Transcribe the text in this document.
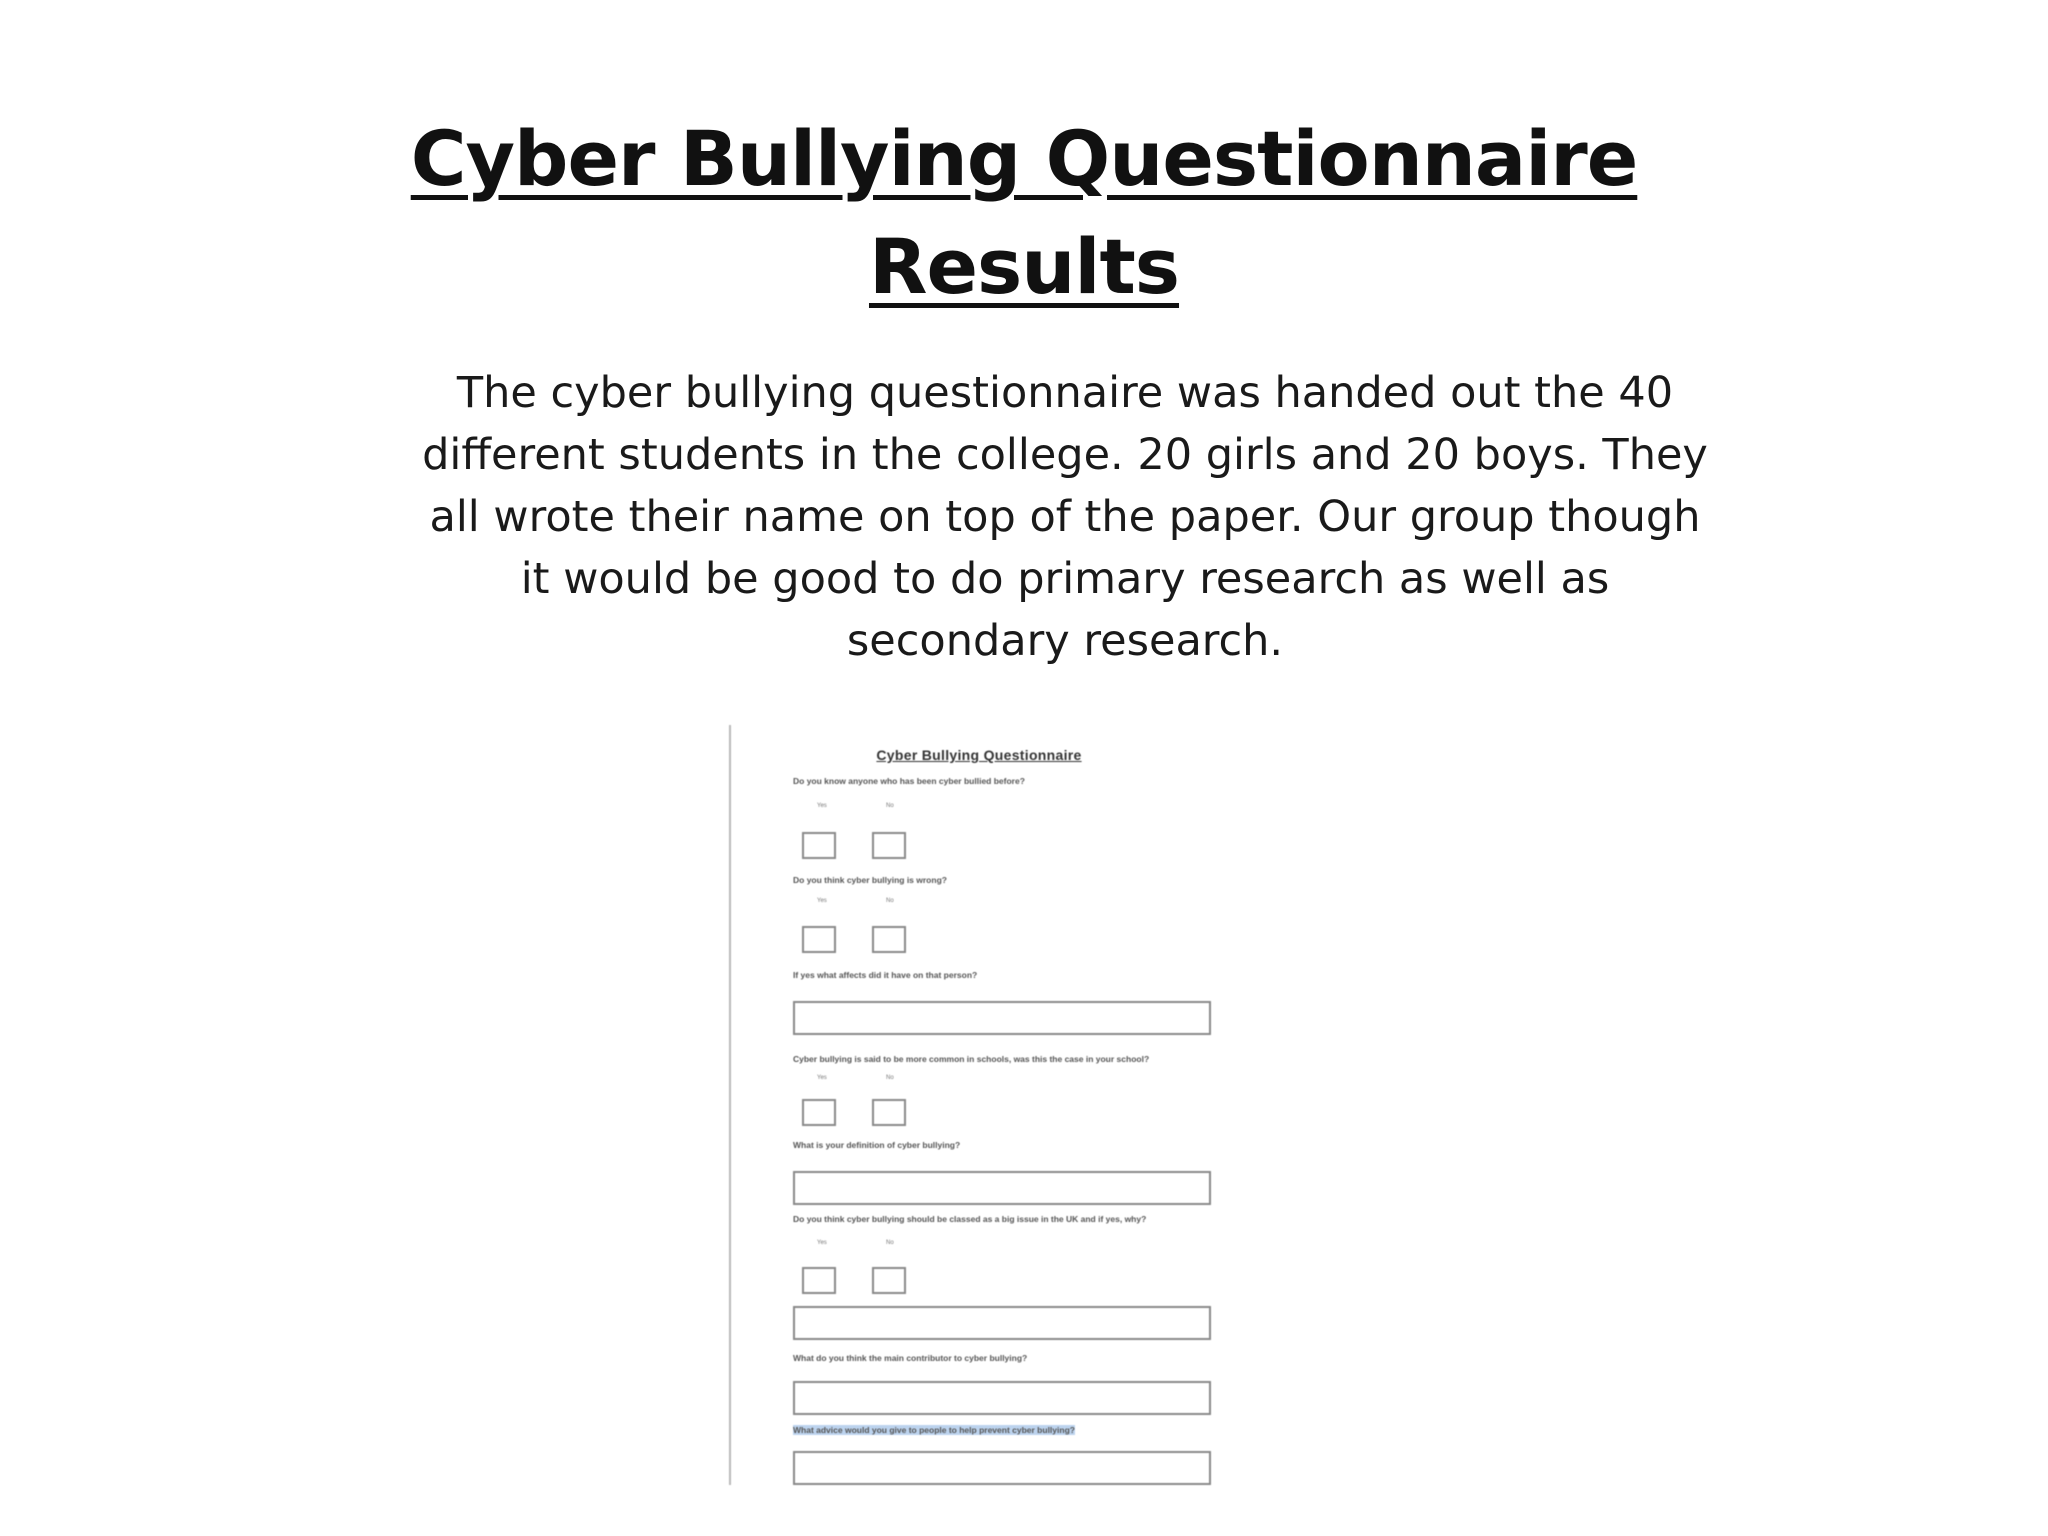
Cyber Bullying Questionnaire
Results

The cyber bullying questionnaire was handed out the 40 different students in the college. 20 girls and 20 boys. They all wrote their name on top of the paper. Our group though it would be good to do primary research as well as secondary research.

Cyber Bullying Questionnaire
Do you know anyone who has been cyber bullied before?
Yes	No
Do you think cyber bullying is wrong?
Yes	No
If yes what affects did it have on that person?
Cyber bullying is said to be more common in schools, was this the case in your school?
Yes	No
What is your definition of cyber bullying?
Do you think cyber bullying should be classed as a big issue in the UK and if yes, why?
Yes	No
What do you think the main contributor to cyber bullying?
What advice would you give to people to help prevent cyber bullying?
